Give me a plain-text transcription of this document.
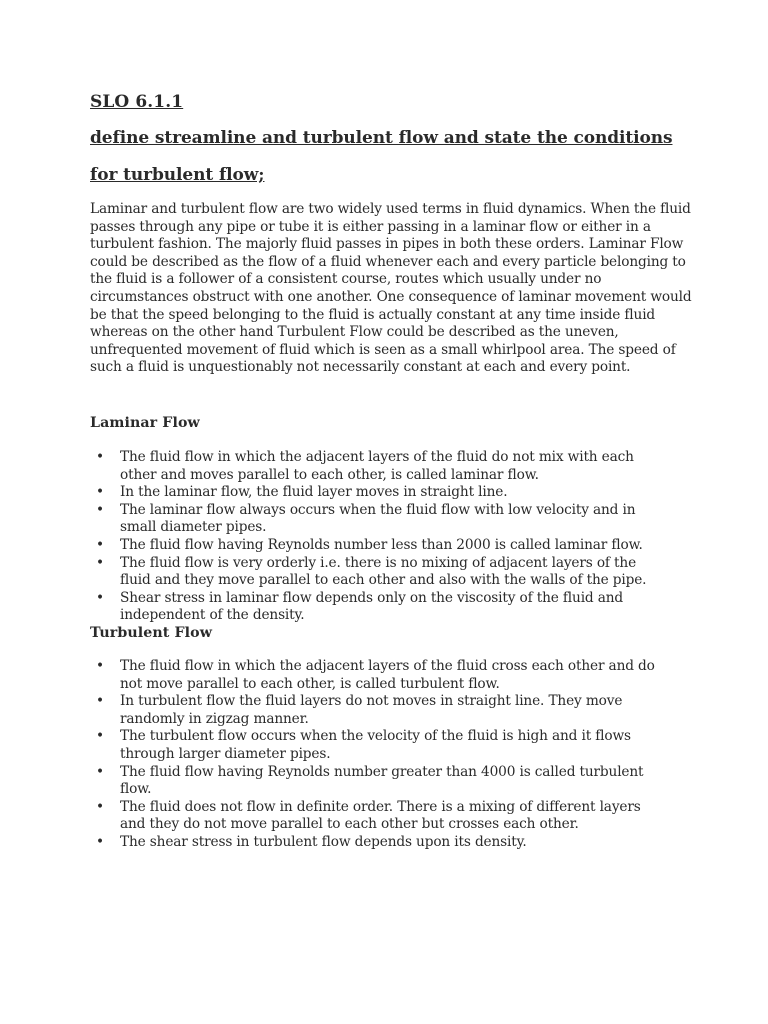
SLO 6.1.1
define streamline and turbulent flow and state the conditions
for turbulent flow;

Laminar and turbulent flow are two widely used terms in fluid dynamics. When the fluid
passes through any pipe or tube it is either passing in a laminar flow or either in a
turbulent fashion. The majorly fluid passes in pipes in both these orders. Laminar Flow
could be described as the flow of a fluid whenever each and every particle belonging to
the fluid is a follower of a consistent course, routes which usually under no
circumstances obstruct with one another. One consequence of laminar movement would
be that the speed belonging to the fluid is actually constant at any time inside fluid
whereas on the other hand Turbulent Flow could be described as the uneven,
unfrequented movement of fluid which is seen as a small whirlpool area. The speed of
such a fluid is unquestionably not necessarily constant at each and every point.

Laminar Flow
• The fluid flow in which the adjacent layers of the fluid do not mix with each
other and moves parallel to each other, is called laminar flow.
• In the laminar flow, the fluid layer moves in straight line.
• The laminar flow always occurs when the fluid flow with low velocity and in
small diameter pipes.
• The fluid flow having Reynolds number less than 2000 is called laminar flow.
• The fluid flow is very orderly i.e. there is no mixing of adjacent layers of the
fluid and they move parallel to each other and also with the walls of the pipe.
• Shear stress in laminar flow depends only on the viscosity of the fluid and
independent of the density.
Turbulent Flow
• The fluid flow in which the adjacent layers of the fluid cross each other and do
not move parallel to each other, is called turbulent flow.
• In turbulent flow the fluid layers do not moves in straight line. They move
randomly in zigzag manner.
• The turbulent flow occurs when the velocity of the fluid is high and it flows
through larger diameter pipes.
• The fluid flow having Reynolds number greater than 4000 is called turbulent
flow.
• The fluid does not flow in definite order. There is a mixing of different layers
and they do not move parallel to each other but crosses each other.
• The shear stress in turbulent flow depends upon its density.
